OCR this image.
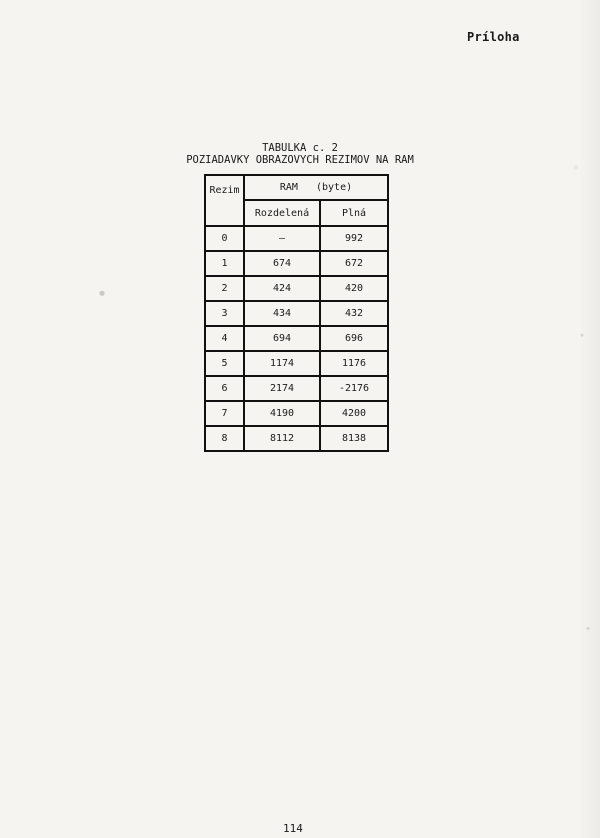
Príloha
TABULKA c. 2
POZIADAVKY OBRAZOVYCH REZIMOV NA RAM
Rezim	RAM   (byte)	
	Rozdelená	Plná
0	–	992
1	674	672
2	424	420
3	434	432
4	694	696
5	1174	1176
6	2174	-2176
7	4190	4200
8	8112	8138
114
